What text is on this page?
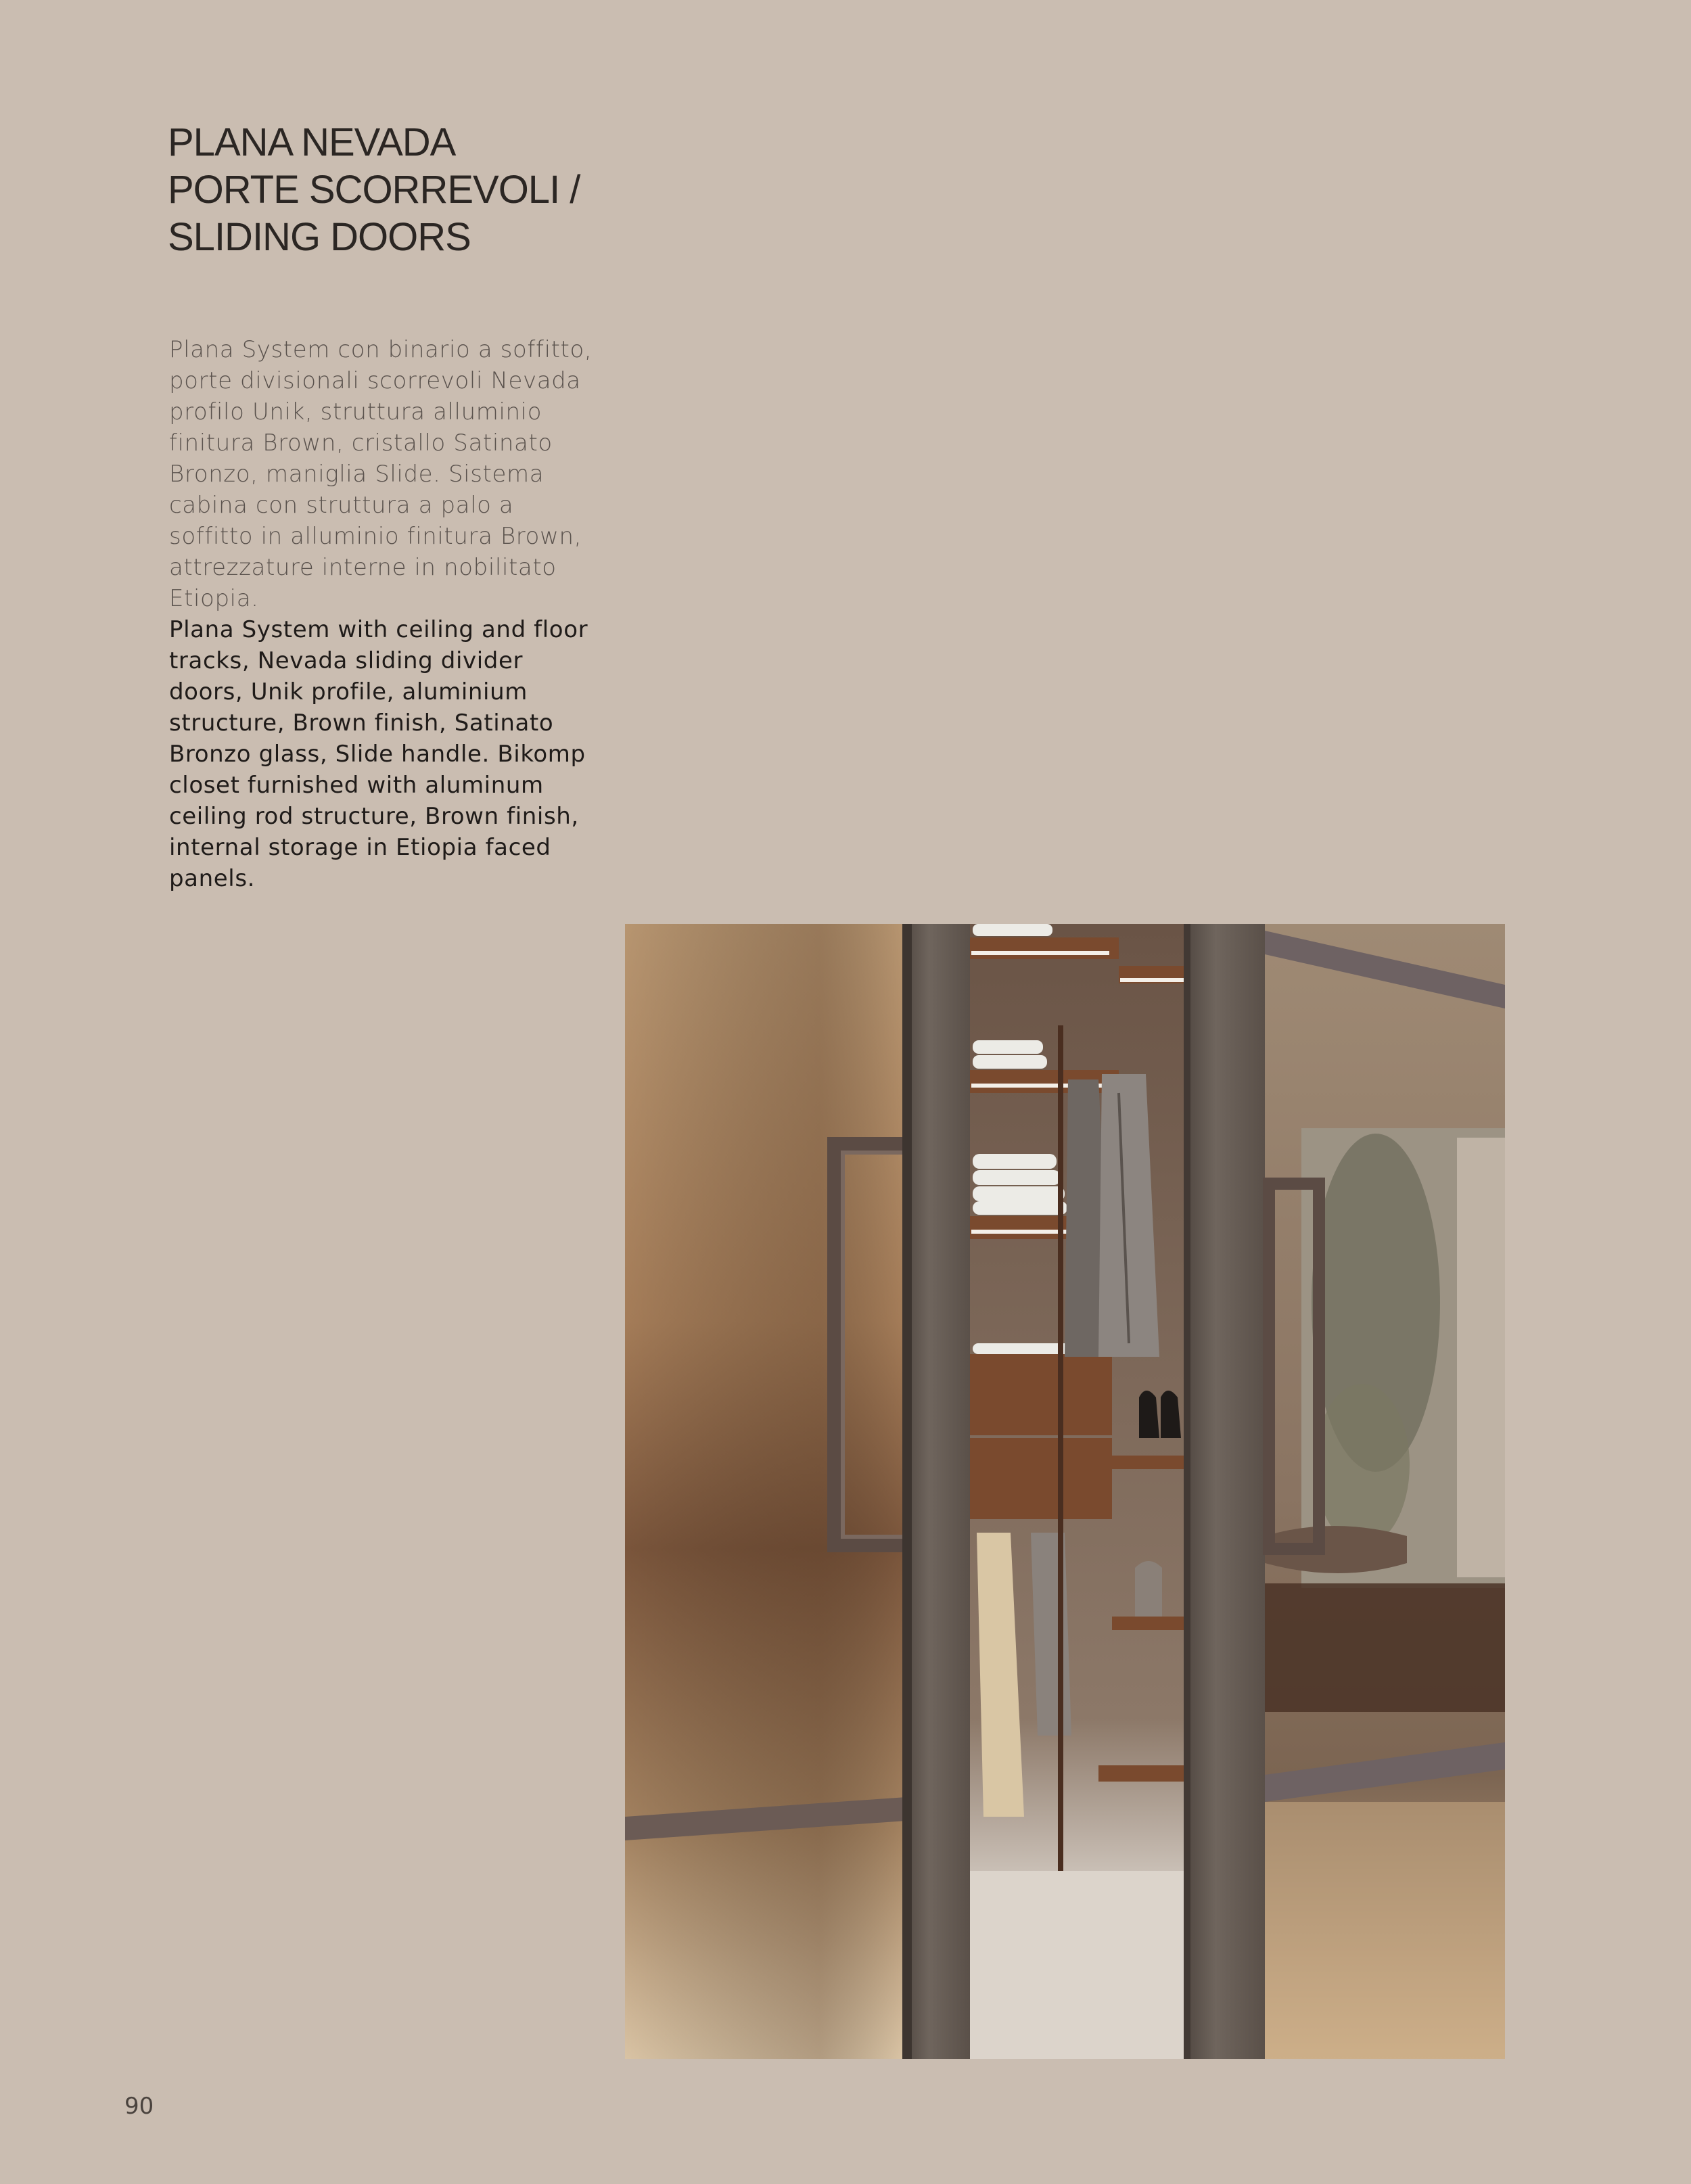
PLANA NEVADA
PORTE SCORREVOLI /
SLIDING DOORS

Plana System con binario a soffitto, porte divisionali scorrevoli Nevada profilo Unik, struttura alluminio finitura Brown, cristallo Satinato Bronzo, maniglia Slide. Sistema cabina con struttura a palo a soffitto in alluminio finitura Brown, attrezzature interne in nobilitato Etiopia.

Plana System with ceiling and floor tracks, Nevada sliding divider doors, Unik profile, aluminium structure, Brown finish, Satinato Bronzo glass, Slide handle. Bikomp closet furnished with aluminum ceiling rod structure, Brown finish, internal storage in Etiopia faced panels.

90
